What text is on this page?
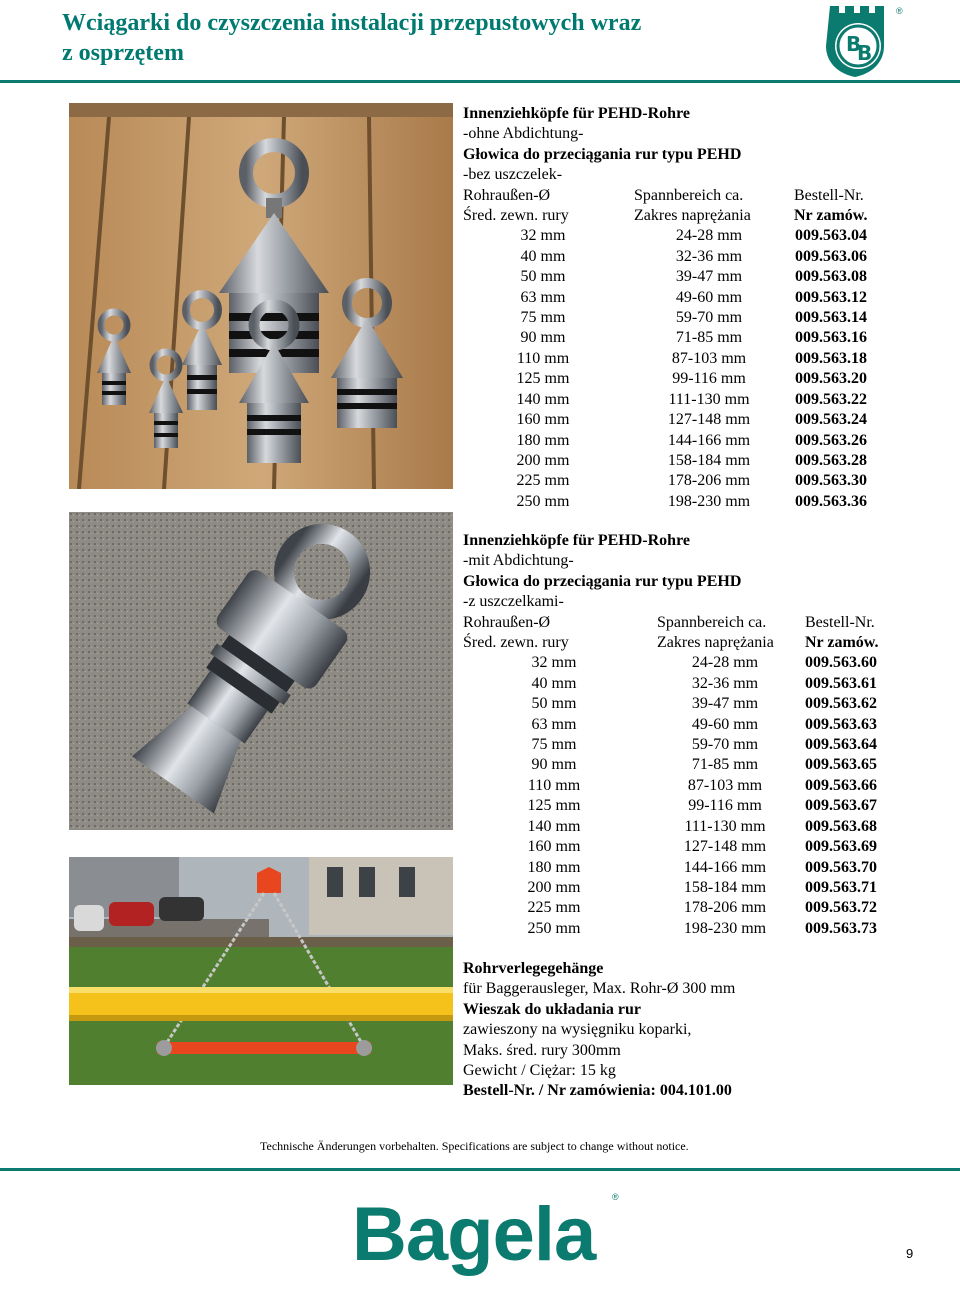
Wciągarki do czyszczenia instalacji przepustowych wraz
z osprzętem	B
B
®
Innenziehköpfe für PEHD-Rohre
-ohne Abdichtung-
Głowica do przeciągania rur typu PEHD
-bez uszczelek-
Rohraußen-Ø	Spannbereich ca.	Bestell-Nr.
Śred. zewn. rury	Zakres naprężania	Nr zamów.
32 mm	24-28 mm	009.563.04
40 mm	32-36 mm	009.563.06
50 mm	39-47 mm	009.563.08
63 mm	49-60 mm	009.563.12
75 mm	59-70 mm	009.563.14
90 mm	71-85 mm	009.563.16
110 mm	87-103 mm	009.563.18
125 mm	99-116 mm	009.563.20
140 mm	111-130 mm	009.563.22
160 mm	127-148 mm	009.563.24
180 mm	144-166 mm	009.563.26
200 mm	158-184 mm	009.563.28
225 mm	178-206 mm	009.563.30
250 mm	198-230 mm	009.563.36
Innenziehköpfe für PEHD-Rohre
-mit Abdichtung-
Głowica do przeciągania rur typu PEHD
-z uszczelkami-
Rohraußen-Ø	Spannbereich ca.	Bestell-Nr.
Śred. zewn. rury	Zakres naprężania	Nr zamów.
32 mm	24-28 mm	009.563.60
40 mm	32-36 mm	009.563.61
50 mm	39-47 mm	009.563.62
63 mm	49-60 mm	009.563.63
75 mm	59-70 mm	009.563.64
90 mm	71-85 mm	009.563.65
110 mm	87-103 mm	009.563.66
125 mm	99-116 mm	009.563.67
140 mm	111-130 mm	009.563.68
160 mm	127-148 mm	009.563.69
180 mm	144-166 mm	009.563.70
200 mm	158-184 mm	009.563.71
225 mm	178-206 mm	009.563.72
250 mm	198-230 mm	009.563.73
Rohrverlegegehänge
für Baggerausleger, Max. Rohr-Ø 300 mm
Wieszak do układania rur
zawieszony na wysięgniku koparki,
Maks. śred. rury 300mm
Gewicht / Ciężar: 15 kg
Bestell-Nr. / Nr zamówienia: 004.101.00
Technische Änderungen vorbehalten. Specifications are subject to change without notice.
Bagela ®
9
